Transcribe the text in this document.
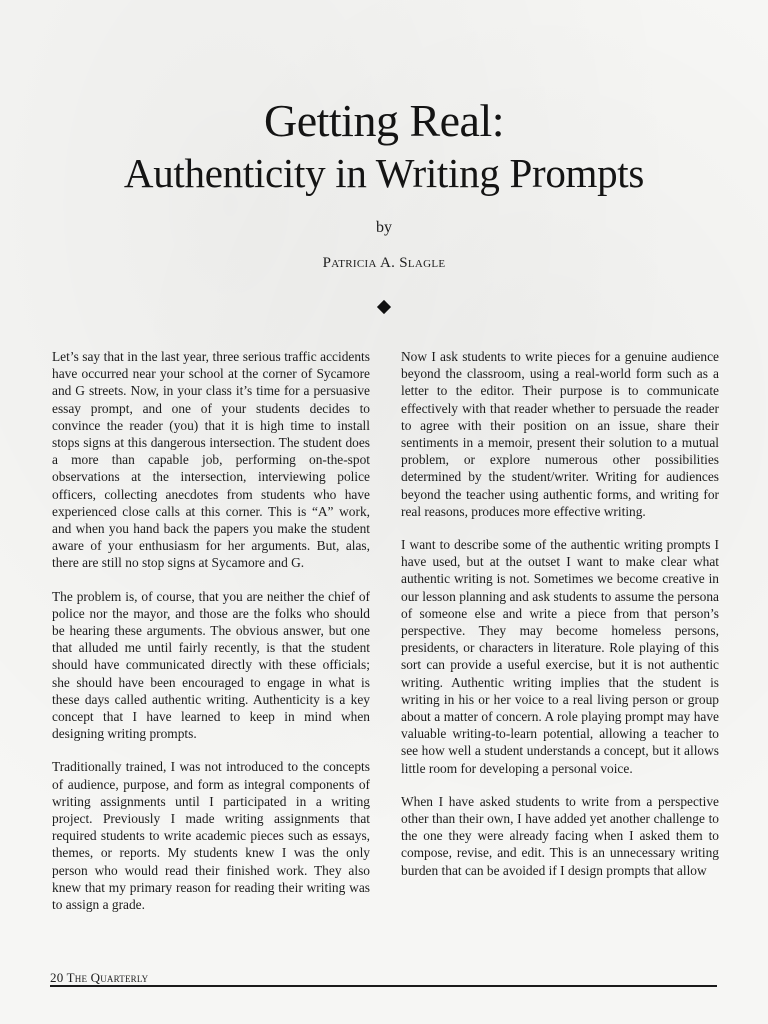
Getting Real:
Authenticity in Writing Prompts
by
Patricia A. Slagle

Let’s say that in the last year, three serious traffic accidents have occurred near your school at the corner of Sycamore and G streets. Now, in your class it’s time for a persuasive essay prompt, and one of your students decides to convince the reader (you) that it is high time to install stops signs at this dangerous intersection. The student does a more than capable job, performing on-the-spot observations at the intersection, interviewing police officers, collecting anecdotes from students who have experienced close calls at this corner. This is “A” work, and when you hand back the papers you make the student aware of your enthusiasm for her arguments. But, alas, there are still no stop signs at Sycamore and G.

The problem is, of course, that you are neither the chief of police nor the mayor, and those are the folks who should be hearing these arguments. The obvious answer, but one that alluded me until fairly recently, is that the student should have communicated directly with these officials; she should have been encouraged to engage in what is these days called authentic writing. Authenticity is a key concept that I have learned to keep in mind when designing writing prompts.

Traditionally trained, I was not introduced to the concepts of audience, purpose, and form as integral components of writing assignments until I participated in a writing project. Previously I made writing assignments that required students to write academic pieces such as essays, themes, or reports. My students knew I was the only person who would read their finished work. They also knew that my primary reason for reading their writing was to assign a grade.

Now I ask students to write pieces for a genuine audience beyond the classroom, using a real-world form such as a letter to the editor. Their purpose is to communicate effectively with that reader whether to persuade the reader to agree with their position on an issue, share their sentiments in a memoir, present their solution to a mutual problem, or explore numerous other possibilities determined by the student/writer. Writing for audiences beyond the teacher using authentic forms, and writing for real reasons, produces more effective writing.

I want to describe some of the authentic writing prompts I have used, but at the outset I want to make clear what authentic writing is not. Sometimes we become creative in our lesson planning and ask students to assume the persona of someone else and write a piece from that person’s perspective. They may become homeless persons, presidents, or characters in literature. Role playing of this sort can provide a useful exercise, but it is not authentic writing. Authentic writing implies that the student is writing in his or her voice to a real living person or group about a matter of concern. A role playing prompt may have valuable writing-to-learn potential, allowing a teacher to see how well a student understands a concept, but it allows little room for developing a personal voice.

When I have asked students to write from a perspective other than their own, I have added yet another challenge to the one they were already facing when I asked them to compose, revise, and edit. This is an unnecessary writing burden that can be avoided if I design prompts that allow

20 The Quarterly
